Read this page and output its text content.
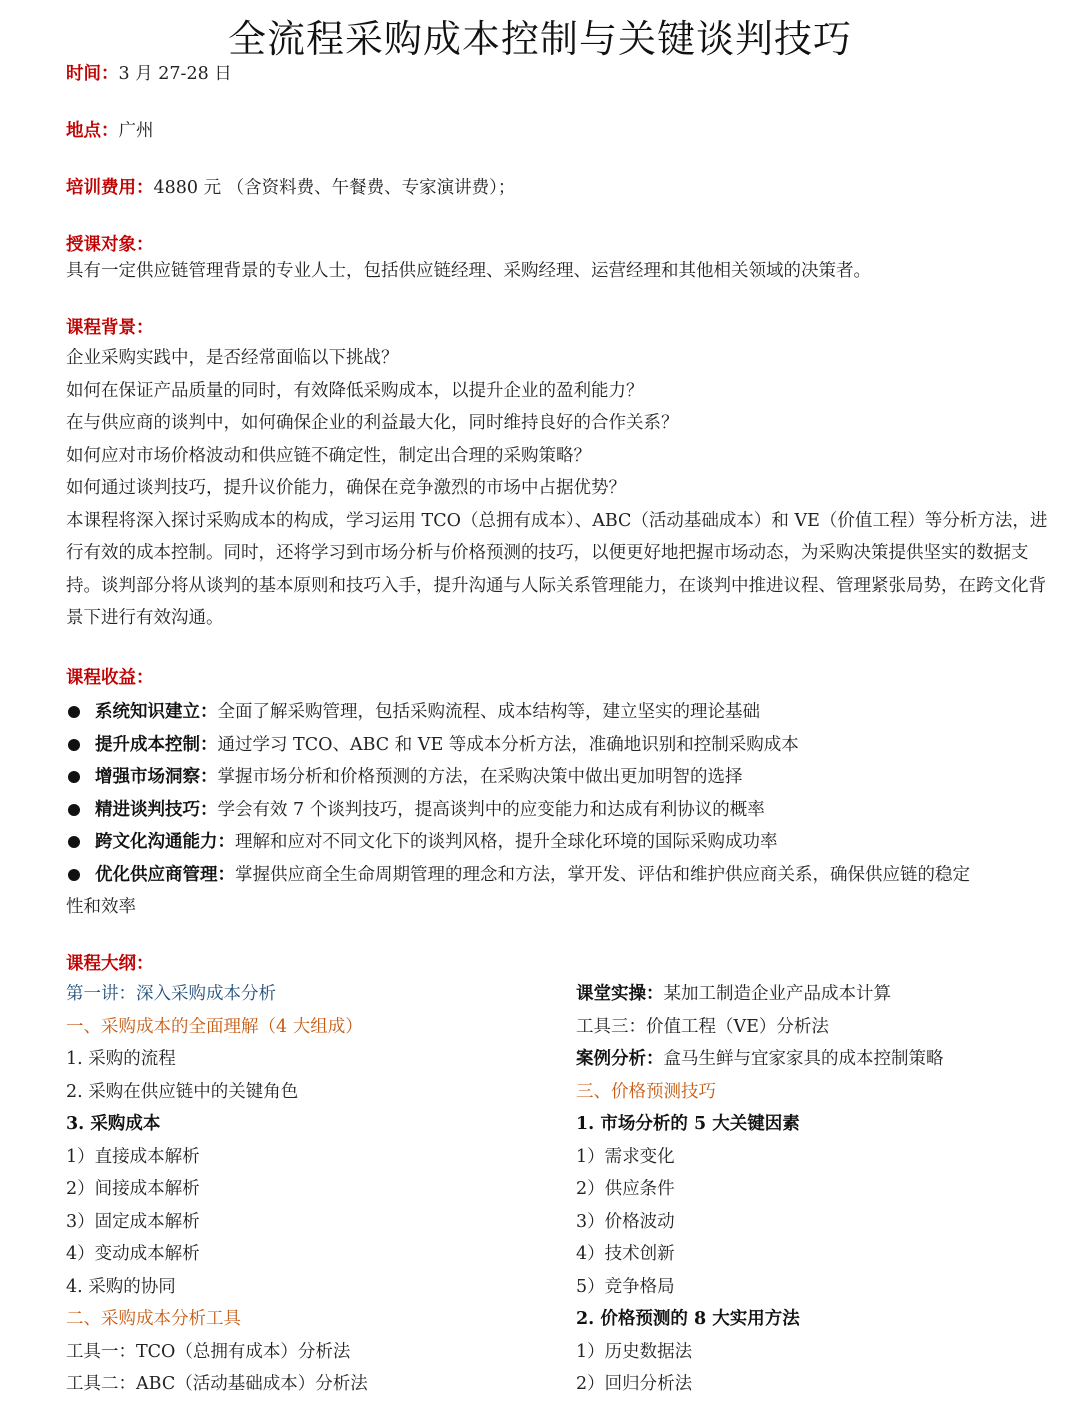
全流程采购成本控制与关键谈判技巧
时间：3 月 27-28 日
地点：广州
培训费用：4880 元 （含资料费、午餐费、专家演讲费）；
授课对象：
具有一定供应链管理背景的专业人士，包括供应链经理、采购经理、运营经理和其他相关领域的决策者。
课程背景：

企业采购实践中，是否经常面临以下挑战？

如何在保证产品质量的同时，有效降低采购成本，以提升企业的盈利能力？

在与供应商的谈判中，如何确保企业的利益最大化，同时维持良好的合作关系？

如何应对市场价格波动和供应链不确定性，制定出合理的采购策略？

如何通过谈判技巧，提升议价能力，确保在竞争激烈的市场中占据优势？

本课程将深入探讨采购成本的构成，学习运用 TCO（总拥有成本）、ABC（活动基础成本）和 VE（价值工程）等分析方法，进行有效的成本控制。同时，还将学习到市场分析与价格预测的技巧，以便更好地把握市场动态，为采购决策提供坚实的数据支持。谈判部分将从谈判的基本原则和技巧入手，提升沟通与人际关系管理能力，在谈判中推进议程、管理紧张局势，在跨文化背景下进行有效沟通。

课程收益：
系统知识建立：全面了解采购管理，包括采购流程、成本结构等，建立坚实的理论基础
提升成本控制：通过学习 TCO、ABC 和 VE 等成本分析方法，准确地识别和控制采购成本
增强市场洞察：掌握市场分析和价格预测的方法，在采购决策中做出更加明智的选择
精进谈判技巧：学会有效 7 个谈判技巧，提高谈判中的应变能力和达成有利协议的概率
跨文化沟通能力：理解和应对不同文化下的谈判风格，提升全球化环境的国际采购成功率
优化供应商管理：掌握供应商全生命周期管理的理念和方法，掌开发、评估和维护供应商关系，确保供应链的稳定
性和效率
课程大纲：
第一讲：深入采购成本分析
一、采购成本的全面理解（4 大组成）
1. 采购的流程
2. 采购在供应链中的关键角色
3. 采购成本
1）直接成本解析
2）间接成本解析
3）固定成本解析
4）变动成本解析
4. 采购的协同
二、采购成本分析工具
工具一：TCO（总拥有成本）分析法
工具二：ABC（活动基础成本）分析法
课堂实操：某加工制造企业产品成本计算
工具三：价值工程（VE）分析法
案例分析：盒马生鲜与宜家家具的成本控制策略
三、价格预测技巧
1. 市场分析的 5 大关键因素
1）需求变化
2）供应条件
3）价格波动
4）技术创新
5）竞争格局
2. 价格预测的 8 大实用方法
1）历史数据法
2）回归分析法
